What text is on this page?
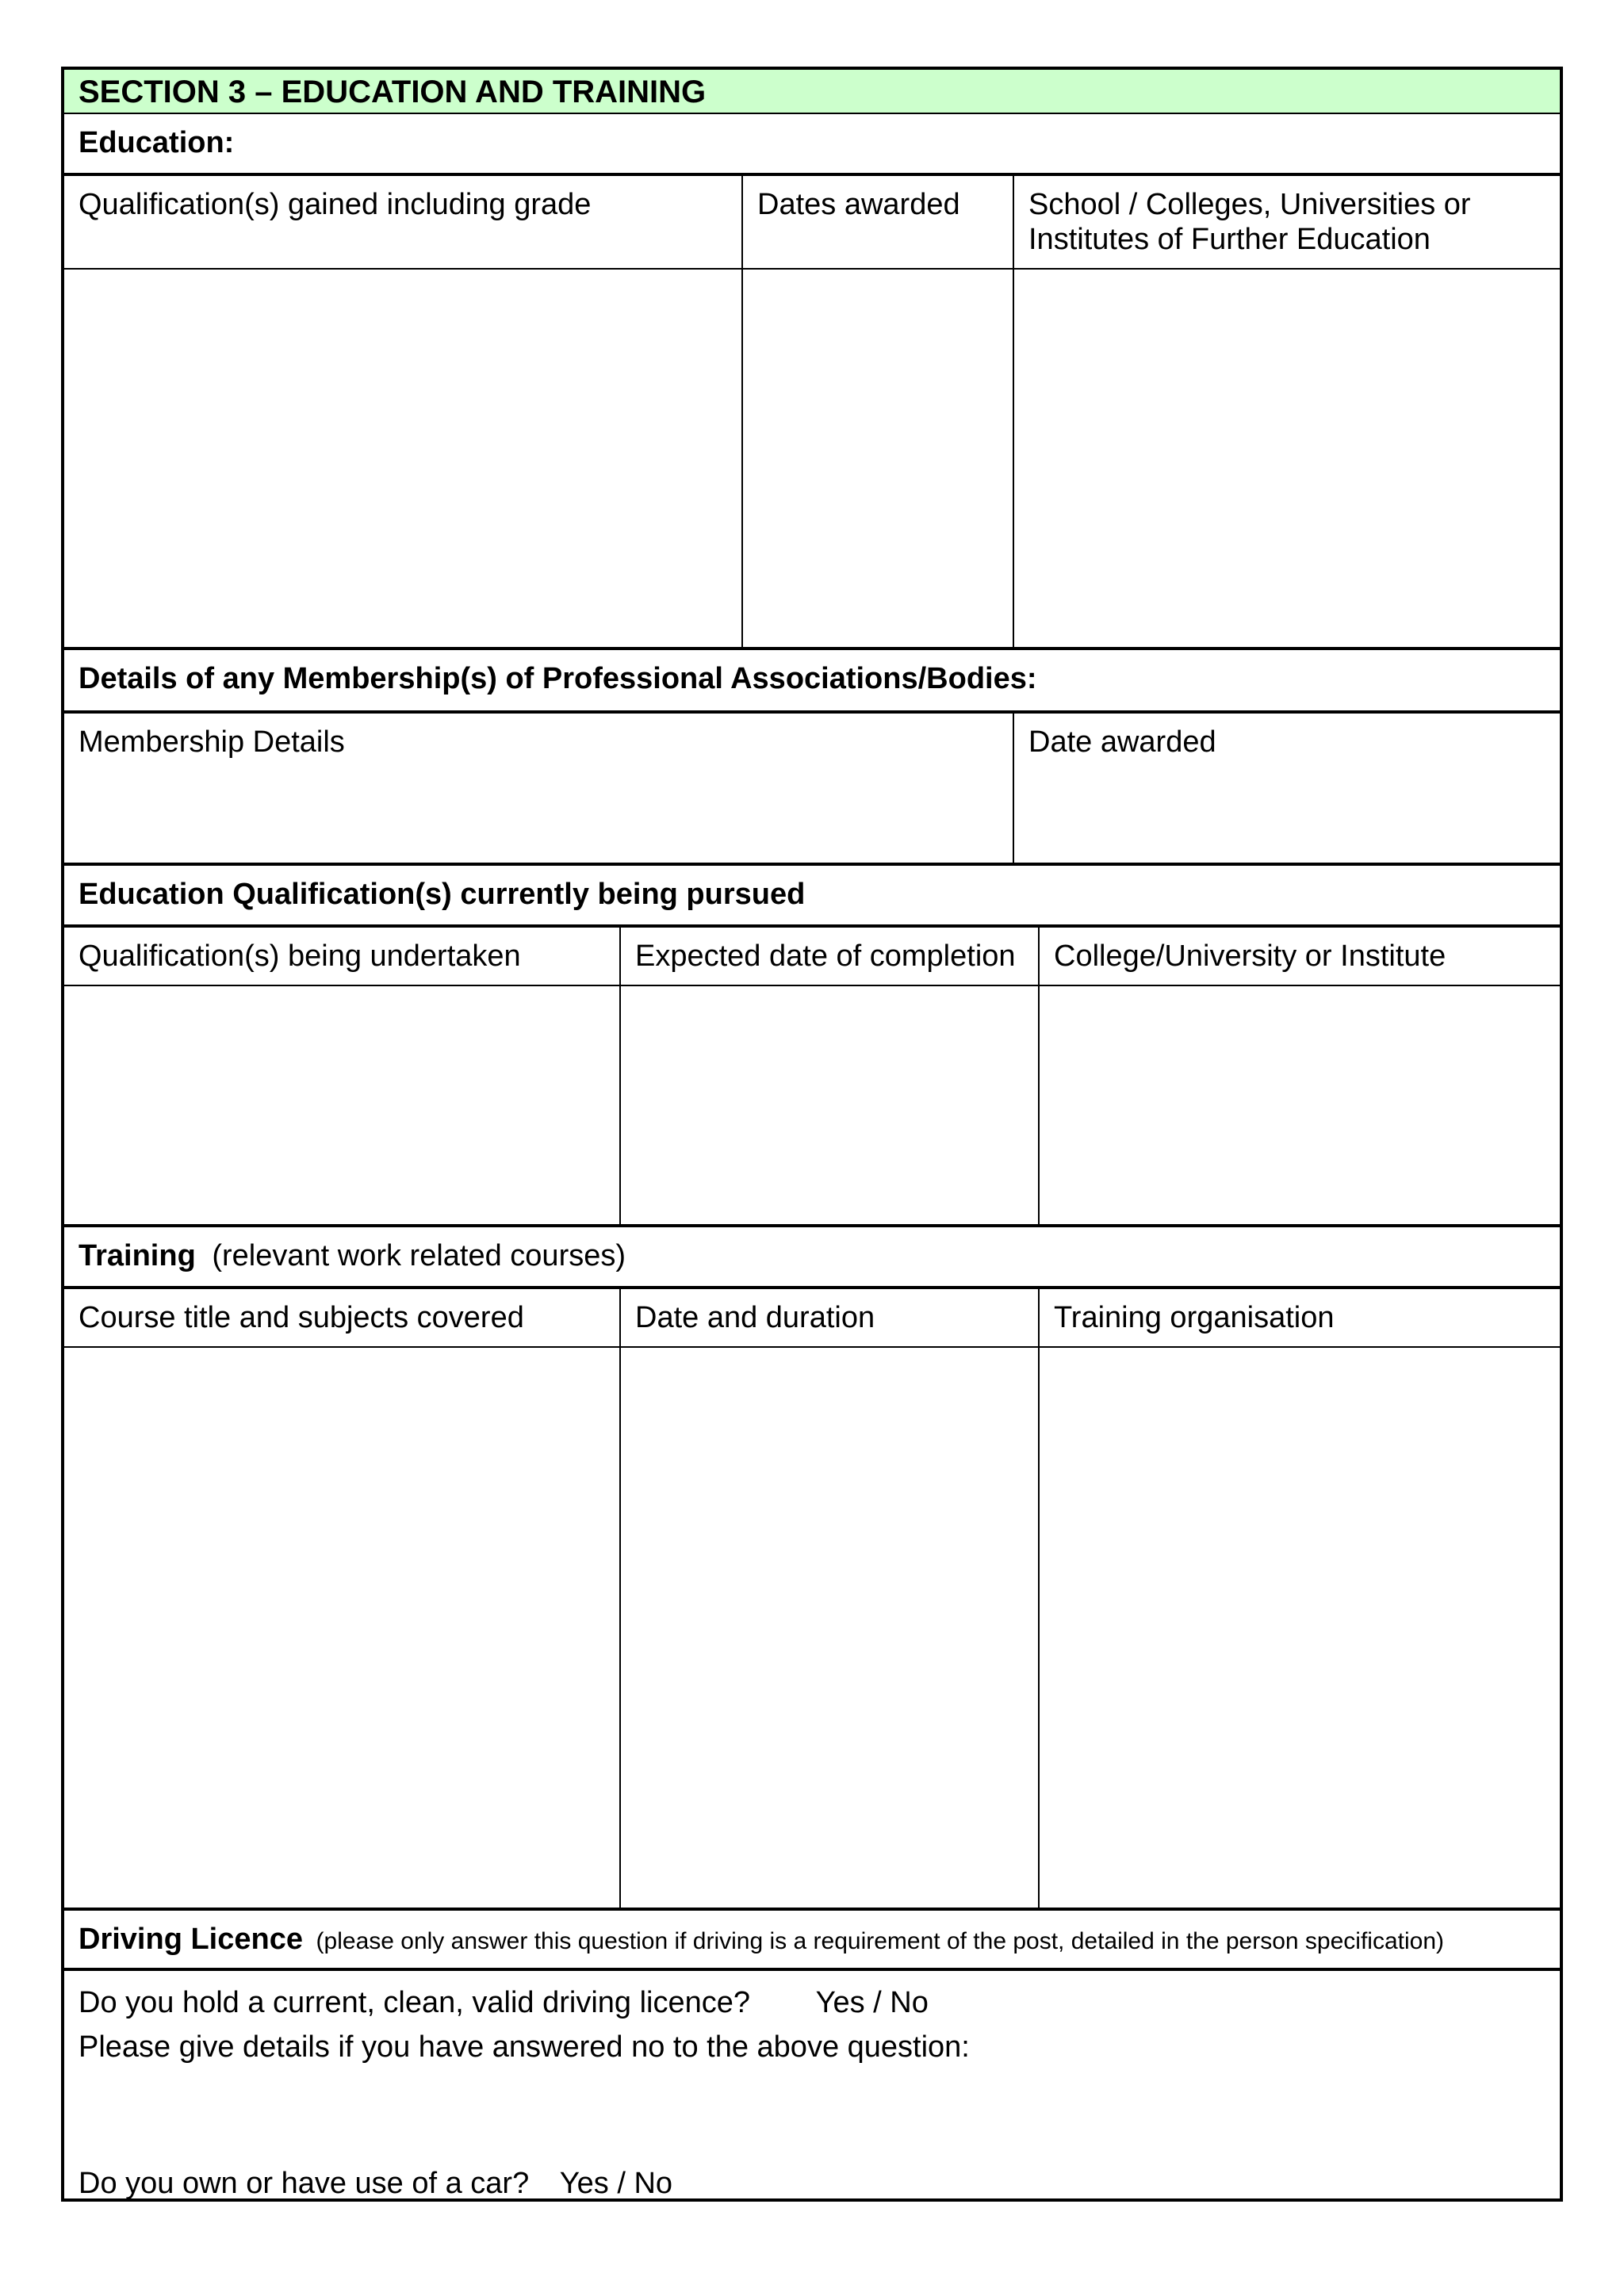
SECTION 3 – EDUCATION AND TRAINING
Education:
Qualification(s) gained including grade	Dates awarded	School / Colleges, Universities or Institutes of Further Education
Details of any Membership(s) of Professional Associations/Bodies:
Membership Details	Date awarded
Education Qualification(s) currently being pursued
Qualification(s) being undertaken	Expected date of completion	College/University or Institute
Training (relevant work related courses)
Course title and subjects covered	Date and duration	Training organisation
Driving Licence (please only answer this question if driving is a requirement of the post, detailed in the person specification)
Do you hold a current, clean, valid driving licence? Yes / No
Please give details if you have answered no to the above question:
Do you own or have use of a car? Yes / No
